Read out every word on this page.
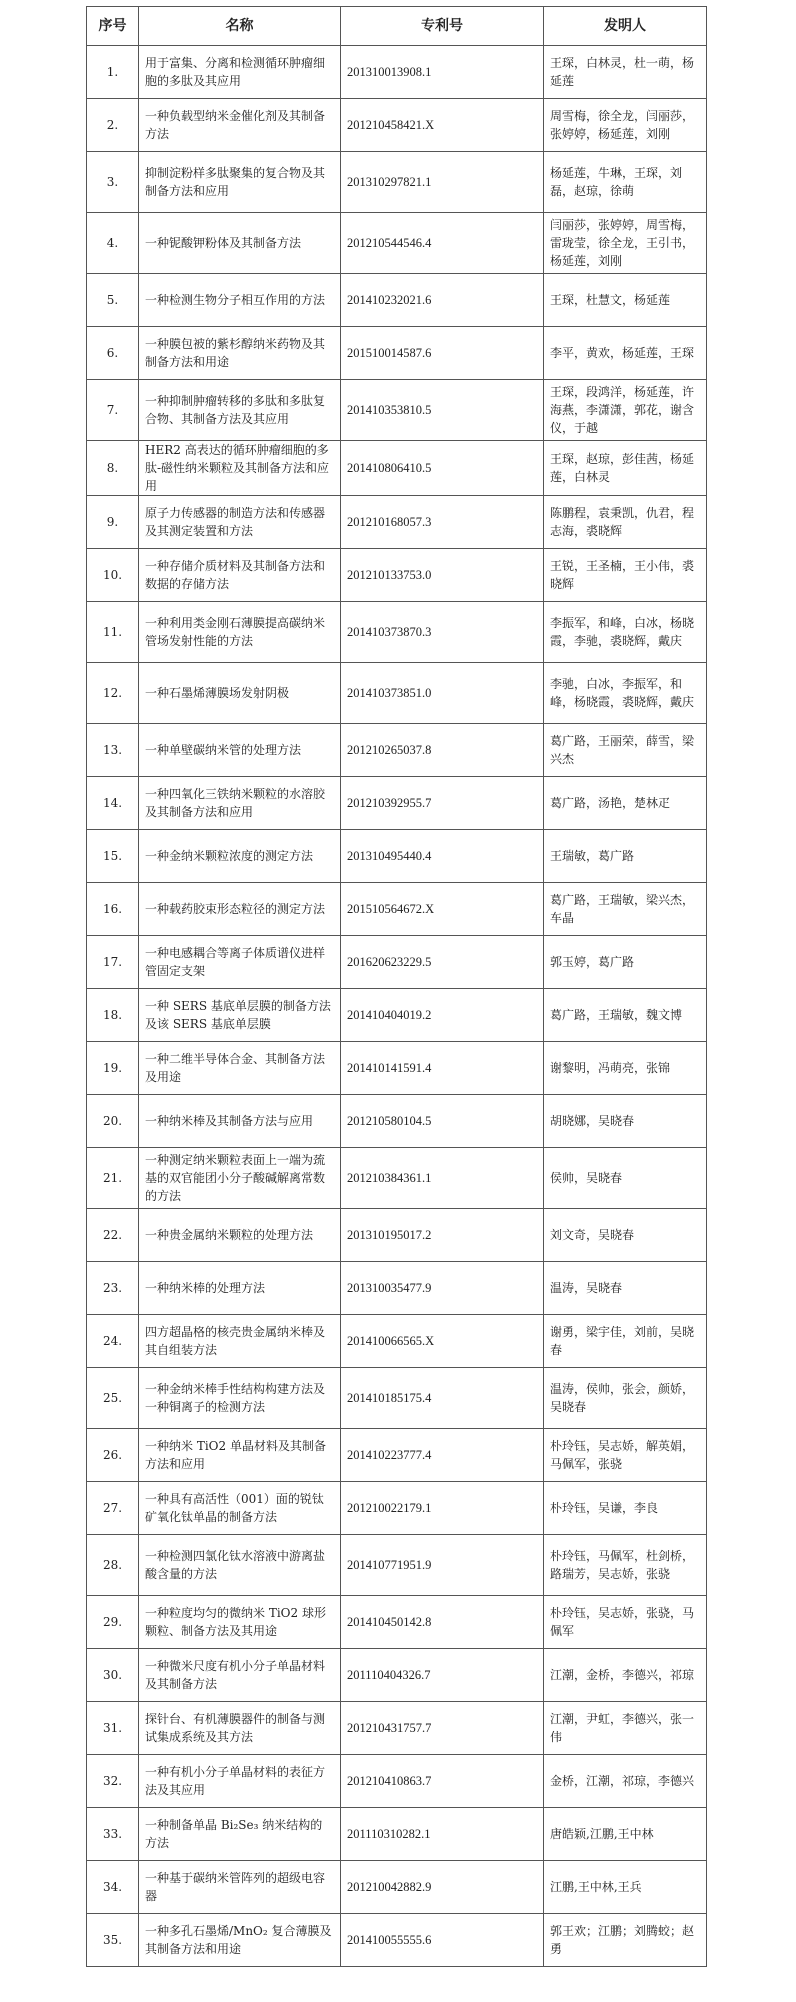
序号	名称	专利号	发明人
1.	用于富集、分离和检测循环肿瘤细胞的多肽及其应用	201310013908.1	王琛，白林灵，杜一萌，杨延莲
2.	一种负载型纳米金催化剂及其制备方法	201210458421.X	周雪梅，徐全龙，闫丽莎，张婷婷，杨延莲，刘刚
3.	抑制淀粉样多肽聚集的复合物及其制备方法和应用	201310297821.1	杨延莲，牛琳，王琛，刘磊，赵琼，徐萌
4.	一种铌酸钾粉体及其制备方法	201210544546.4	闫丽莎，张婷婷，周雪梅，雷珑莹，徐全龙，王引书，杨延莲，刘刚
5.	一种检测生物分子相互作用的方法	201410232021.6	王琛，杜慧文，杨延莲
6.	一种膜包被的紫杉醇纳米药物及其制备方法和用途	201510014587.6	李平，黄欢，杨延莲，王琛
7.	一种抑制肿瘤转移的多肽和多肽复合物、其制备方法及其应用	201410353810.5	王琛，段鸿洋，杨延莲，许海燕，李潇潇，郭花，谢含仪，于越
8.	HER2 高表达的循环肿瘤细胞的多肽-磁性纳米颗粒及其制备方法和应用	201410806410.5	王琛，赵琼，彭佳茜，杨延莲，白林灵
9.	原子力传感器的制造方法和传感器及其测定装置和方法	201210168057.3	陈鹏程，袁秉凯，仇君，程志海，裘晓辉
10.	一种存储介质材料及其制备方法和数据的存储方法	201210133753.0	王锐，王圣楠，王小伟，裘晓辉
11.	一种利用类金刚石薄膜提高碳纳米管场发射性能的方法	201410373870.3	李振军，和峰，白冰，杨晓霞，李驰，裘晓辉，戴庆
12.	一种石墨烯薄膜场发射阴极	201410373851.0	李驰，白冰，李振军，和峰，杨晓霞，裘晓辉，戴庆
13.	一种单壁碳纳米管的处理方法	201210265037.8	葛广路，王丽荣，薛雪，梁兴杰
14.	一种四氧化三铁纳米颗粒的水溶胶及其制备方法和应用	201210392955.7	葛广路，汤艳，楚林疋
15.	一种金纳米颗粒浓度的测定方法	201310495440.4	王瑞敏，葛广路
16.	一种载药胶束形态粒径的测定方法	201510564672.X	葛广路，王瑞敏，梁兴杰，车晶
17.	一种电感耦合等离子体质谱仪进样管固定支架	201620623229.5	郭玉婷，葛广路
18.	一种 SERS 基底单层膜的制备方法及该 SERS 基底单层膜	201410404019.2	葛广路，王瑞敏，魏文博
19.	一种二维半导体合金、其制备方法及用途	201410141591.4	谢黎明，冯萌亮，张锦
20.	一种纳米棒及其制备方法与应用	201210580104.5	胡晓娜，吴晓春
21.	一种测定纳米颗粒表面上一端为巯基的双官能团小分子酸碱解离常数的方法	201210384361.1	侯帅，吴晓春
22.	一种贵金属纳米颗粒的处理方法	201310195017.2	刘文奇，吴晓春
23.	一种纳米棒的处理方法	201310035477.9	温涛，吴晓春
24.	四方超晶格的核壳贵金属纳米棒及其自组装方法	201410066565.X	谢勇，梁宇佳，刘前，吴晓春
25.	一种金纳米棒手性结构构建方法及一种铜离子的检测方法	201410185175.4	温涛，侯帅，张会，颜娇，吴晓春
26.	一种纳米 TiO2 单晶材料及其制备方法和应用	201410223777.4	朴玲钰，吴志娇，解英娟，马佩军，张骁
27.	一种具有高活性（001）面的锐钛矿氧化钛单晶的制备方法	201210022179.1	朴玲钰，吴谦，李良
28.	一种检测四氯化钛水溶液中游离盐酸含量的方法	201410771951.9	朴玲钰，马佩军，杜剑桥，路瑞芳，吴志娇，张骁
29.	一种粒度均匀的微纳米 TiO2 球形颗粒、制备方法及其用途	201410450142.8	朴玲钰，吴志娇，张骁，马佩军
30.	一种微米尺度有机小分子单晶材料及其制备方法	201110404326.7	江潮，金桥，李德兴，祁琼
31.	探针台、有机薄膜器件的制备与测试集成系统及其方法	201210431757.7	江潮，尹虹，李德兴，张一伟
32.	一种有机小分子单晶材料的表征方法及其应用	201210410863.7	金桥，江潮，祁琼，李德兴
33.	一种制备单晶 Bi₂Se₃ 纳米结构的方法	201110310282.1	唐皓颖,江鹏,王中林
34.	一种基于碳纳米管阵列的超级电容器	201210042882.9	江鹏,王中林,王兵
35.	一种多孔石墨烯/MnO₂ 复合薄膜及其制备方法和用途	201410055555.6	郭王欢；江鹏；刘腾蛟；赵勇
